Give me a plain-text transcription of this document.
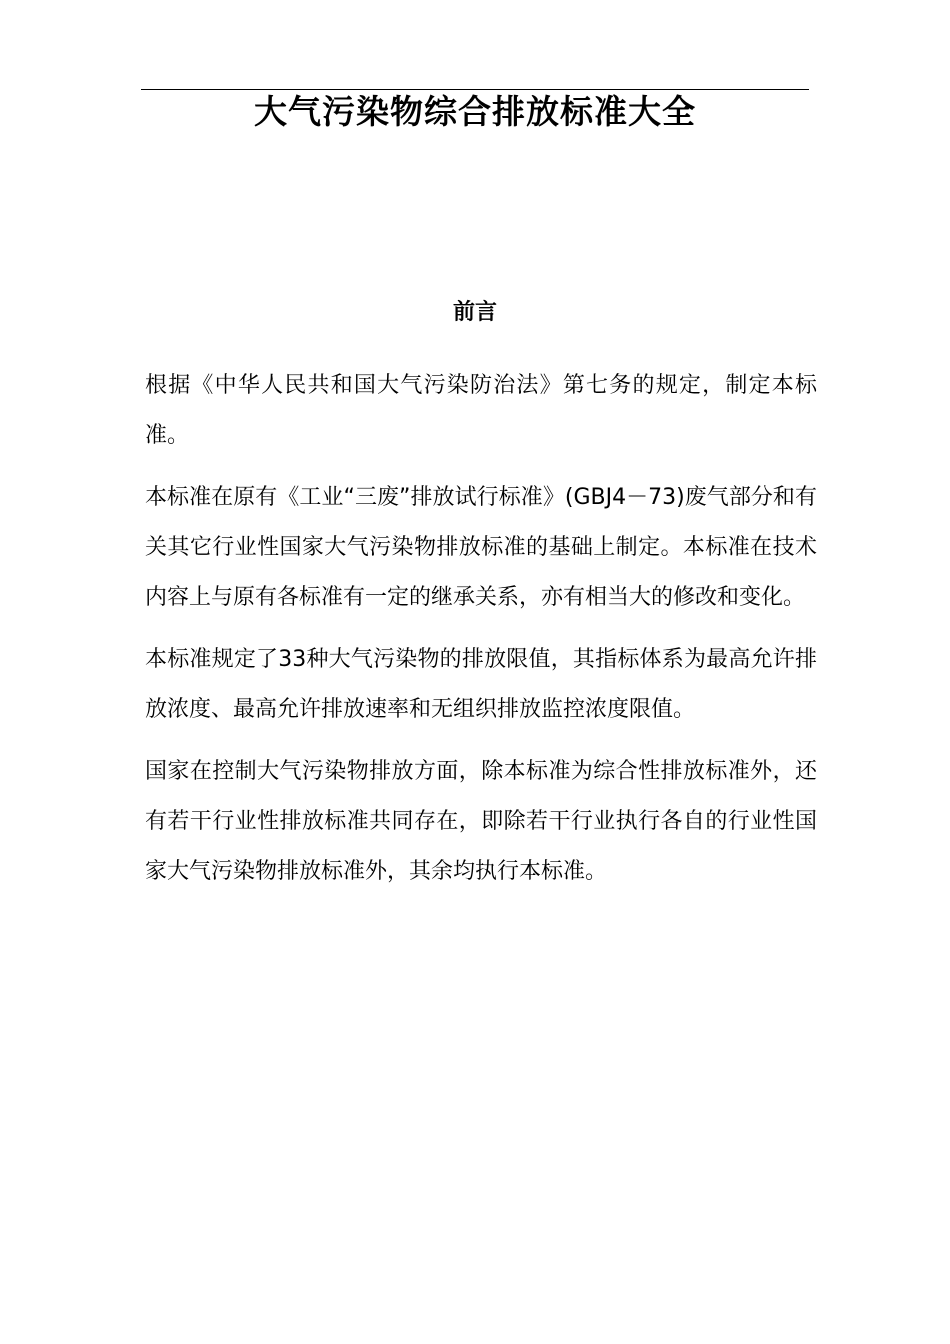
大气污染物综合排放标准大全
前言

根据《中华人民共和国大气污染防治法》第七务的规定，制定本标准。

本标准在原有《工业“三废”排放试行标准》(GBJ4－73)废气部分和有关其它行业性国家大气污染物排放标准的基础上制定。本标准在技术内容上与原有各标准有一定的继承关系，亦有相当大的修改和变化。

本标准规定了33种大气污染物的排放限值，其指标体系为最高允许排放浓度、最高允许排放速率和无组织排放监控浓度限值。

国家在控制大气污染物排放方面，除本标准为综合性排放标准外，还有若干行业性排放标准共同存在，即除若干行业执行各自的行业性国家大气污染物排放标准外，其余均执行本标准。
